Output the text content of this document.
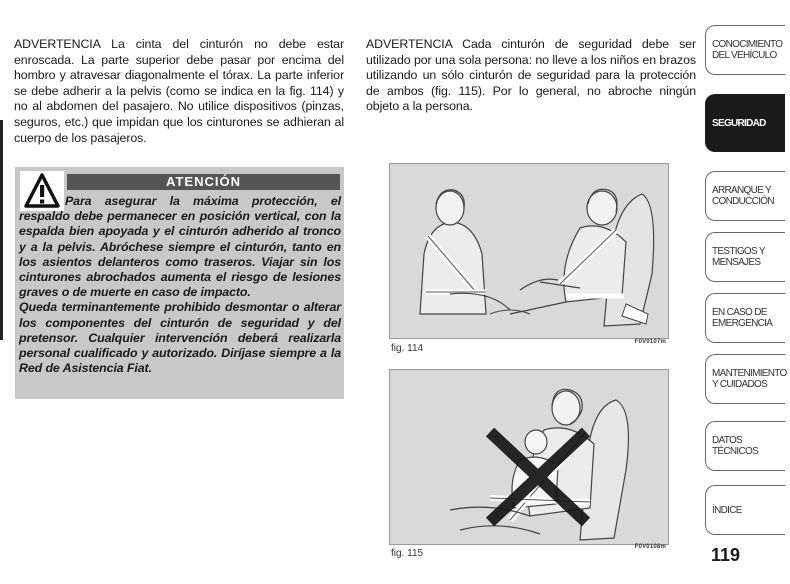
ADVERTENCIA La cinta del cinturón no debe estar enroscada. La parte superior debe pasar por encima del hombro y atravesar diagonalmente el tórax. La parte inferior se debe adherir a la pelvis (como se indica en la fig. 114) y no al abdomen del pasajero. No utilice dispositivos (pinzas, seguros, etc.) que impidan que los cinturones se adhieran al cuerpo de los pasajeros.

ATENCIÓN

Para asegurar la máxima protección, el respaldo debe permanecer en posición vertical, con la espalda bien apoyada y el cinturón adherido al tronco y a la pelvis. Abróchese siempre el cinturón, tanto en los asientos delanteros como traseros. Viajar sin los cinturones abrochados aumenta el riesgo de lesiones graves o de muerte en caso de impacto.

Queda terminantemente prohibido desmontar o alterar los componentes del cinturón de seguridad y del pretensor. Cualquier intervención deberá realizarla personal cualificado y autorizado. Diríjase siempre a la Red de Asistencia Fiat.

ADVERTENCIA Cada cinturón de seguridad debe ser utilizado por una sola persona: no lleve a los niños en brazos utilizando un sólo cinturón de seguridad para la protección de ambos (fig. 115). Por lo general, no abroche ningún objeto a la persona.

fig. 114
F0V0107m
fig. 115
F0V0108m
CONOCIMIENTO DEL VEHÍCULO
SEGURIDAD
ARRANQUE Y CONDUCCIÓN
TESTIGOS Y MENSAJES
EN CASO DE EMERGENCIA
MANTENIMIENTO Y CUIDADOS
DATOS TÉCNICOS
ÍNDICE
119
